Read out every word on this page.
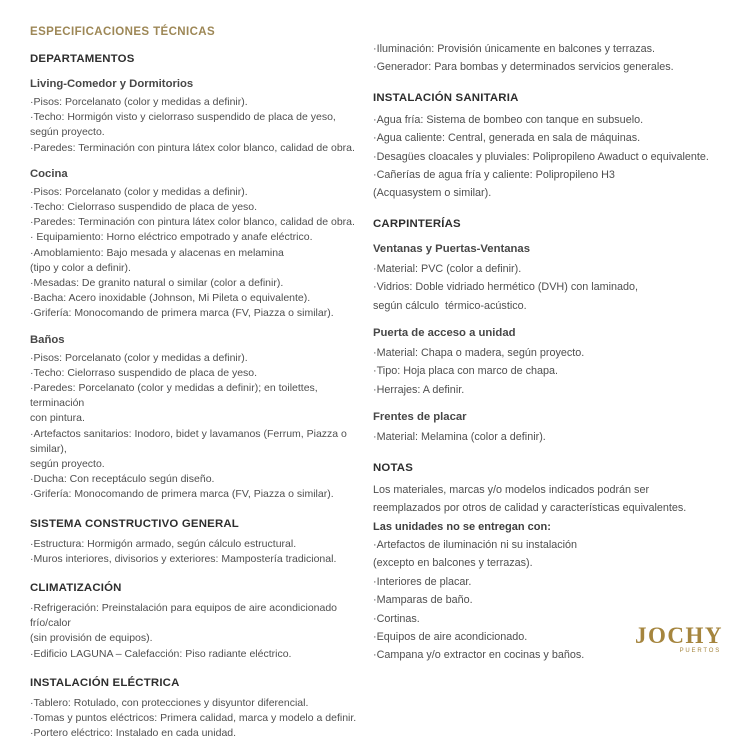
ESPECIFICACIONES TÉCNICAS
DEPARTAMENTOS
Living-Comedor y Dormitorios
·Pisos: Porcelanato (color y medidas a definir).
·Techo: Hormigón visto y cielorraso suspendido de placa de yeso,
según proyecto.
·Paredes: Terminación con pintura látex color blanco, calidad de obra.
Cocina
·Pisos: Porcelanato (color y medidas a definir).
·Techo: Cielorraso suspendido de placa de yeso.
·Paredes: Terminación con pintura látex color blanco, calidad de obra.
· Equipamiento: Horno eléctrico empotrado y anafe eléctrico.
·Amoblamiento: Bajo mesada y alacenas en melamina
(tipo y color a definir).
·Mesadas: De granito natural o similar (color a definir).
·Bacha: Acero inoxidable (Johnson, Mi Pileta o equivalente).
·Grifería: Monocomando de primera marca (FV, Piazza o similar).
Baños
·Pisos: Porcelanato (color y medidas a definir).
·Techo: Cielorraso suspendido de placa de yeso.
·Paredes: Porcelanato (color y medidas a definir); en toilettes, terminación
con pintura.
·Artefactos sanitarios: Inodoro, bidet y lavamanos (Ferrum, Piazza o similar),
según proyecto.
·Ducha: Con receptáculo según diseño.
·Grifería: Monocomando de primera marca (FV, Piazza o similar).
SISTEMA CONSTRUCTIVO GENERAL
·Estructura: Hormigón armado, según cálculo estructural.
·Muros interiores, divisorios y exteriores: Mampostería tradicional.
CLIMATIZACIÓN
·Refrigeración: Preinstalación para equipos de aire acondicionado frío/calor
(sin provisión de equipos).
·Edificio LAGUNA – Calefacción: Piso radiante eléctrico.
INSTALACIÓN ELÉCTRICA
·Tablero: Rotulado, con protecciones y disyuntor diferencial.
·Tomas y puntos eléctricos: Primera calidad, marca y modelo a definir.
·Portero eléctrico: Instalado en cada unidad.
·Iluminación: Provisión únicamente en balcones y terrazas.
·Generador: Para bombas y determinados servicios generales.
INSTALACIÓN SANITARIA
·Agua fría: Sistema de bombeo con tanque en subsuelo.
·Agua caliente: Central, generada en sala de máquinas.
·Desagües cloacales y pluviales: Polipropileno Awaduct o equivalente.
·Cañerías de agua fría y caliente: Polipropileno H3
(Acquasystem o similar).
CARPINTERÍAS
Ventanas y Puertas-Ventanas
·Material: PVC (color a definir).
·Vidrios: Doble vidriado hermético (DVH) con laminado,
según cálculo  térmico-acústico.
Puerta de acceso a unidad
·Material: Chapa o madera, según proyecto.
·Tipo: Hoja placa con marco de chapa.
·Herrajes: A definir.
Frentes de placar
·Material: Melamina (color a definir).
NOTAS
Los materiales, marcas y/o modelos indicados podrán ser
reemplazados por otros de calidad y características equivalentes.
Las unidades no se entregan con:
·Artefactos de iluminación ni su instalación
(excepto en balcones y terrazas).
·Interiores de placar.
·Mamparas de baño.
·Cortinas.
·Equipos de aire acondicionado.
·Campana y/o extractor en cocinas y baños.
JOCHY
PUERTOS
